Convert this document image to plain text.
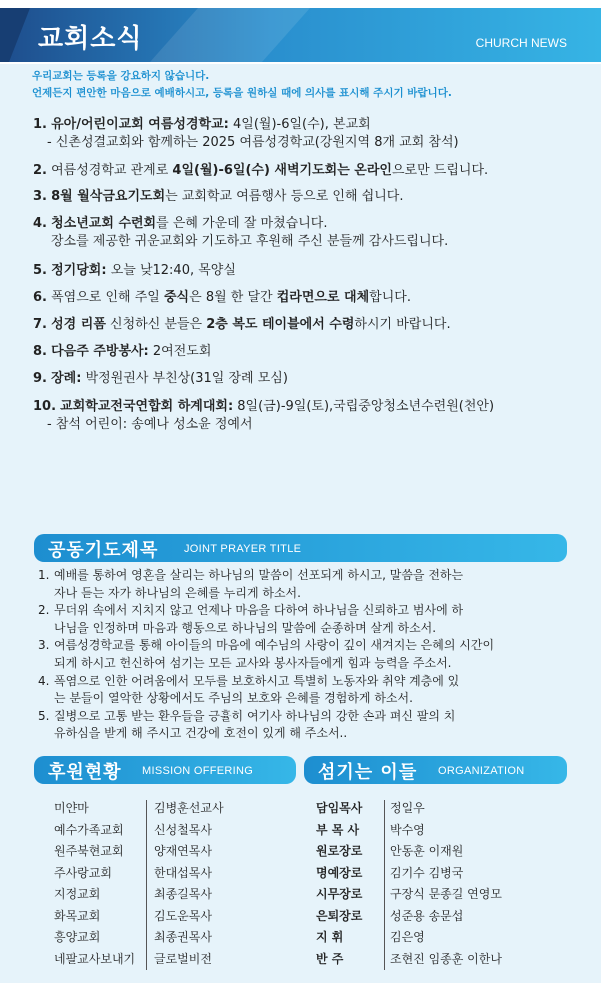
교회소식	CHURCH NEWS
우리교회는 등록을 강요하지 않습니다.
언제든지 편안한 마음으로 예배하시고, 등록을 원하실 때에 의사를 표시해 주시기 바랍니다.
1. 유아/어린이교회 여름성경학교: 4일(월)-6일(수), 본교회
- 신촌성결교회와 함께하는 2025 여름성경학교(강원지역 8개 교회 참석)
2. 여름성경학교 관계로 4일(월)-6일(수) 새벽기도회는 온라인으로만 드립니다.
3. 8월 월삭금요기도회는 교회학교 여름행사 등으로 인해 쉽니다.
4. 청소년교회 수련회를 은혜 가운데 잘 마쳤습니다.
장소를 제공한 귀운교회와 기도하고 후원해 주신 분들께 감사드립니다.
5. 정기당회: 오늘 낮12:40, 목양실
6. 폭염으로 인해 주일 중식은 8월 한 달간 컵라면으로 대체합니다.
7. 성경 리폼 신청하신 분들은 2층 복도 테이블에서 수령하시기 바랍니다.
8. 다음주 주방봉사: 2여전도회
9. 장례: 박정원권사 부친상(31일 장례 모심)
10. 교회학교전국연합회 하계대회: 8일(금)-9일(토),국립중앙청소년수련원(천안)
- 참석 어린이: 송예나 성소윤 정예서
공동기도제목 JOINT PRAYER TITLE
1. 예배를 통하여 영혼을 살리는 하나님의 말씀이 선포되게 하시고, 말씀을 전하는
자나 듣는 자가 하나님의 은혜를 누리게 하소서.
2. 무더위 속에서 지치지 않고 언제나 마음을 다하여 하나님을 신뢰하고 범사에 하
나님을 인정하며 마음과 행동으로 하나님의 말씀에 순종하며 살게 하소서.
3. 여름성경학교를 통해 아이들의 마음에 예수님의 사랑이 깊이 새겨지는 은혜의 시간이
되게 하시고 헌신하여 섬기는 모든 교사와 봉사자들에게 힘과 능력을 주소서.
4. 폭염으로 인한 어려움에서 모두를 보호하시고 특별히 노동자와 취약 계층에 있
는 분들이 열악한 상황에서도 주님의 보호와 은혜를 경험하게 하소서.
5. 질병으로 고통 받는 환우들을 긍휼히 여기사 하나님의 강한 손과 펴신 팔의 치
유하심을 받게 해 주시고 건강에 호전이 있게 해 주소서..
후원현황 MISSION OFFERING	섬기는 이들 ORGANIZATION
미얀마
예수가족교회
원주북현교회
주사랑교회
지정교회
화목교회
흥양교회
네팔교사보내기
김병훈선교사
신성철목사
양재연목사
한대섭목사
최종길목사
김도운목사
최종권목사
글로벌비전
담임목사
부 목 사
원로장로
명예장로
시무장로
은퇴장로
지 휘
반 주
정일우
박수영
안동훈 이재원
김기수 김병국
구장식 문종길 연영모
성준용 송문섭
김은영
조현진 임종훈 이한나
